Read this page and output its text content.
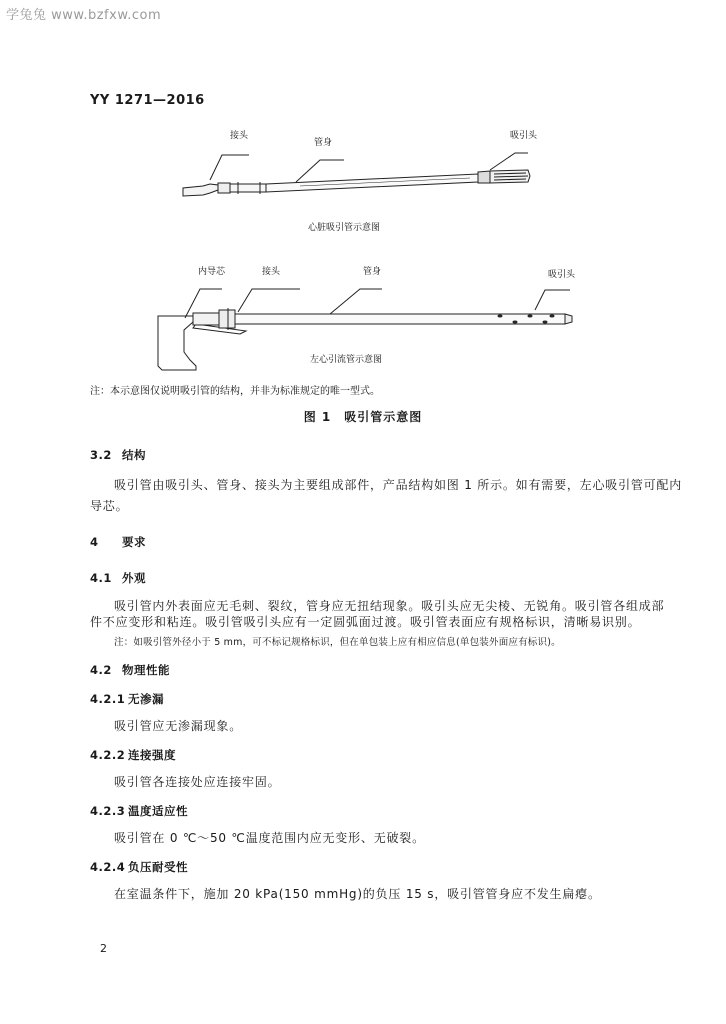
学兔兔 www.bzfxw.com
YY 1271—2016
接头
管身
吸引头
心脏吸引管示意图
内导芯	接头	管身	吸引头
左心引流管示意图
注：本示意图仅说明吸引管的结构，并非为标准规定的唯一型式。
图 1　吸引管示意图
3.2 结构
吸引管由吸引头、管身、接头为主要组成部件，产品结构如图 1 所示。如有需要，左心吸引管可配内
导芯。
4 要求
4.1 外观
吸引管内外表面应无毛刺、裂纹，管身应无扭结现象。吸引头应无尖棱、无锐角。吸引管各组成部
件不应变形和粘连。吸引管吸引头应有一定圆弧面过渡。吸引管表面应有规格标识，清晰易识别。
注：如吸引管外径小于 5 mm，可不标记规格标识，但在单包装上应有相应信息(单包装外面应有标识)。
4.2 物理性能
4.2.1 无渗漏
吸引管应无渗漏现象。
4.2.2 连接强度
吸引管各连接处应连接牢固。
4.2.3 温度适应性
吸引管在 0 ℃～50 ℃温度范围内应无变形、无破裂。
4.2.4 负压耐受性
在室温条件下，施加 20 kPa(150 mmHg)的负压 15 s，吸引管管身应不发生扁瘪。
2
